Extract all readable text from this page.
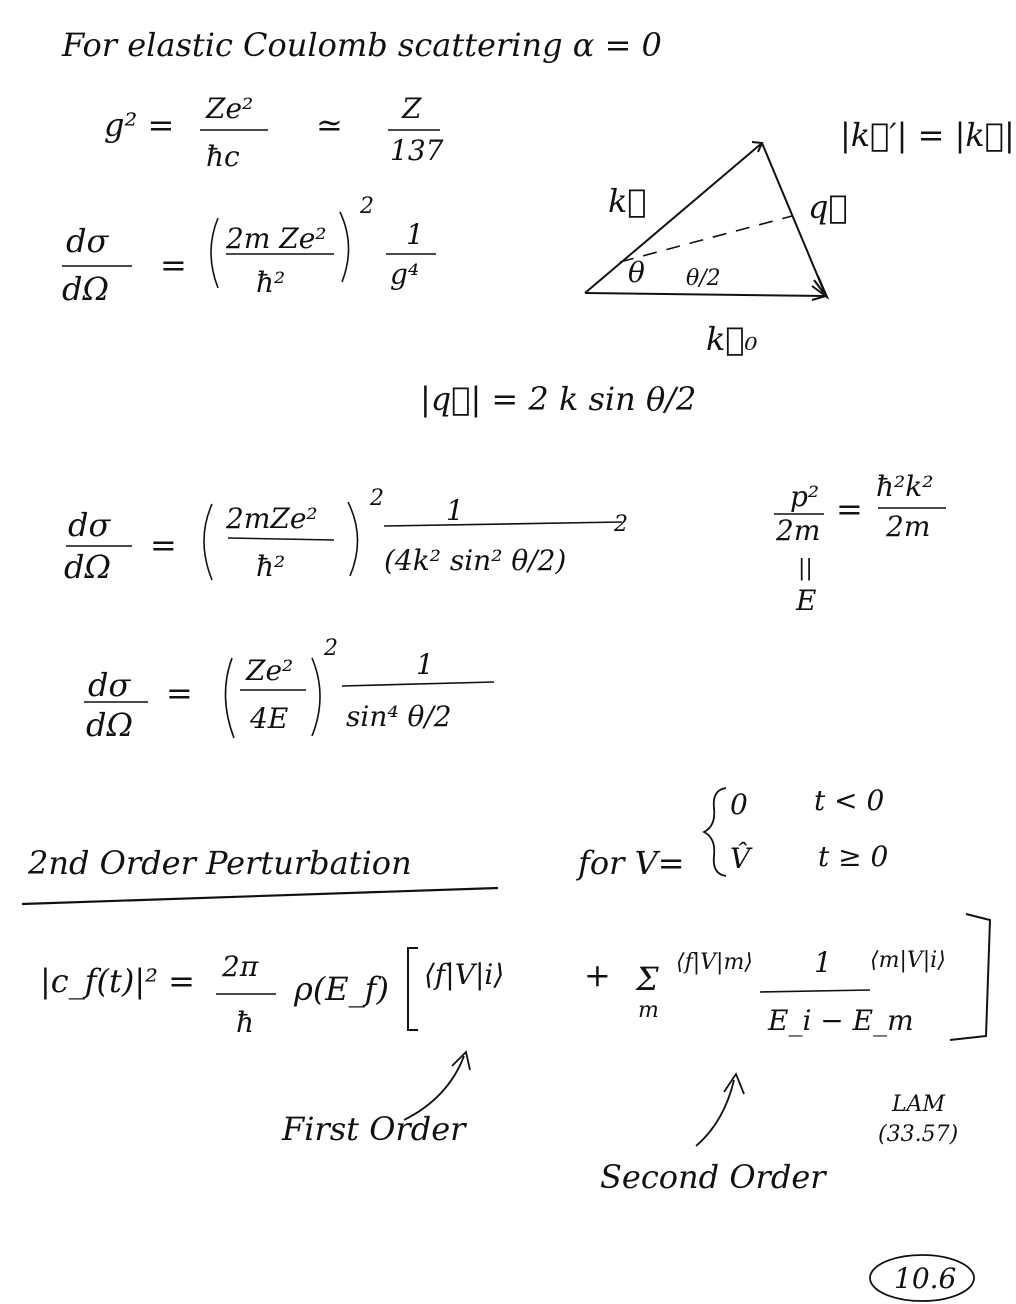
For elastic Coulomb scattering α = 0
g² = Ze²
ħc
≃ Z
137	|k⃗′| = |k⃗|
dσ
dΩ
=
2m Ze²
ħ²
2
1
g⁴
k⃗	q⃗
k⃗₀
θ θ/2
|q⃗| = 2 k sin θ/2
dσ
dΩ
=
2mZe²
ħ²
2 1
(4k² sin² θ/2)
2
p²
2m
=
ħ²k²
2m
||
E
dσ
dΩ
=
Ze²
4E
2	1
sin⁴ θ/2
2nd Order Perturbation	for V=
0 t < 0
V̂ t ≥ 0
|c_f(t)|² = 2π
ħ
ρ(E_f) ⟨f|V|i⟩ + Σ
m
⟨f|V|m⟩ 1
E_i − E_m
⟨m|V|i⟩
First Order
Second Order
LAM
(33.57)
10.6
